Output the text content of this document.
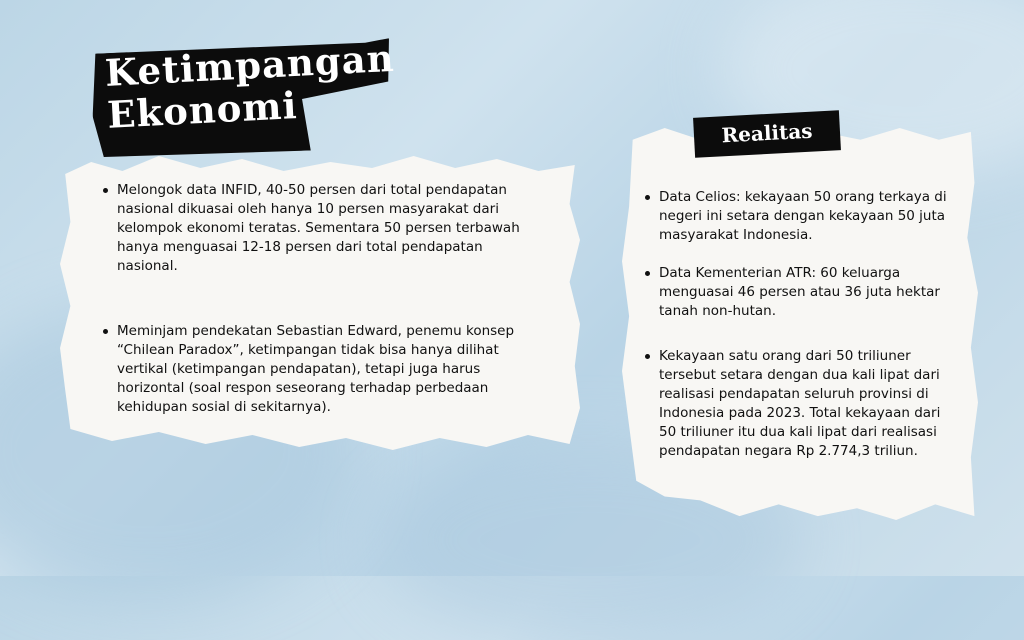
Ketimpangan
Ekonomi	Realitas

Melongok data INFID, 40-50 persen dari total pendapatan nasional dikuasai oleh hanya 10 persen masyarakat dari kelompok ekonomi teratas. Sementara 50 persen terbawah hanya menguasai 12-18 persen dari total pendapatan nasional.
Meminjam pendekatan Sebastian Edward, penemu konsep “Chilean Paradox”, ketimpangan tidak bisa hanya dilihat vertikal (ketimpangan pendapatan), tetapi juga harus horizontal (soal respon seseorang terhadap perbedaan kehidupan sosial di sekitarnya).
Data Celios: kekayaan 50 orang terkaya di negeri ini setara dengan kekayaan 50 juta masyarakat Indonesia.
Data Kementerian ATR: 60 keluarga menguasai 46 persen atau 36 juta hektar tanah non-hutan.
Kekayaan satu orang dari 50 triliuner tersebut setara dengan dua kali lipat dari realisasi pendapatan seluruh provinsi di Indonesia pada 2023. Total kekayaan dari 50 triliuner itu dua kali lipat dari realisasi pendapatan negara Rp 2.774,3 triliun.
